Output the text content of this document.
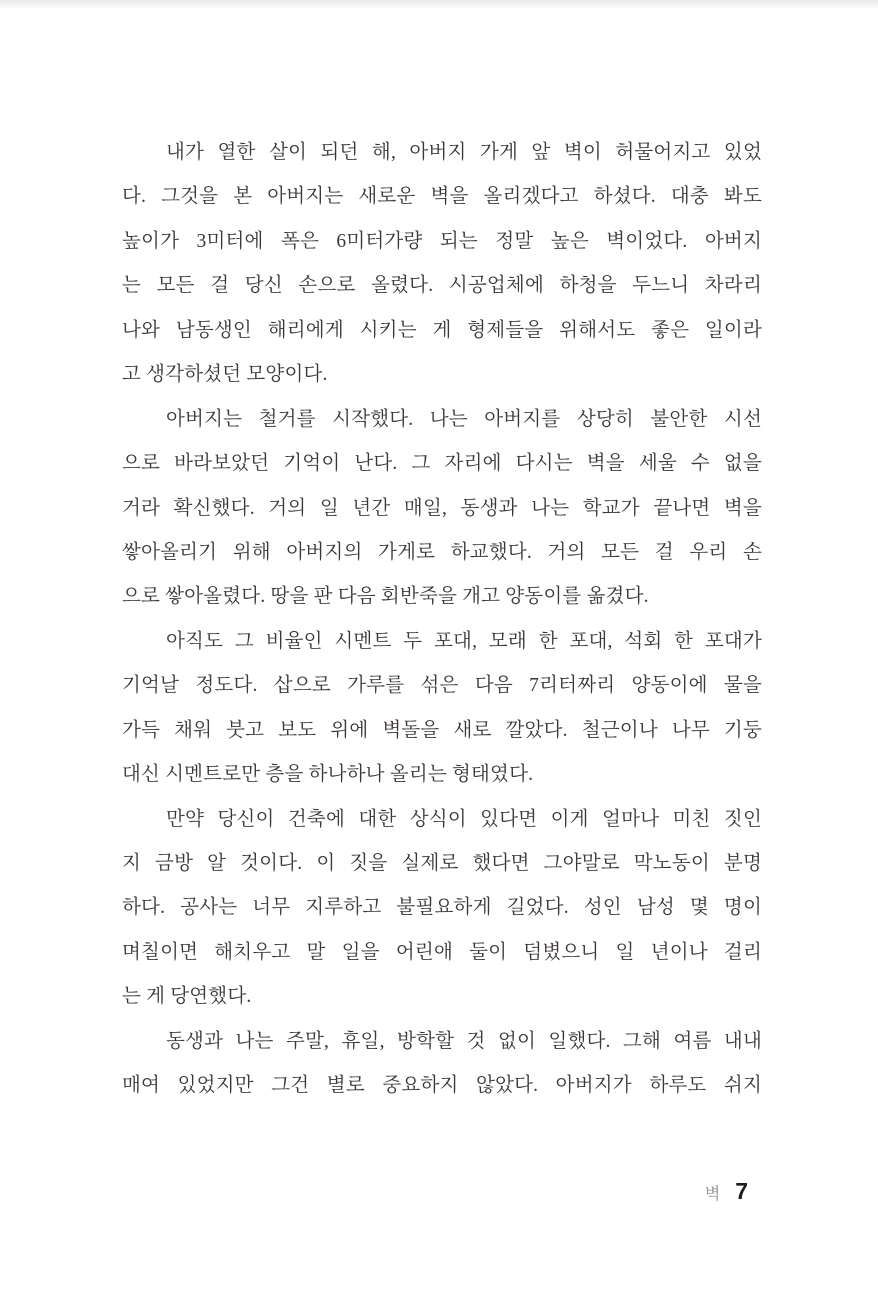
내가 열한 살이 되던 해, 아버지 가게 앞 벽이 허물어지고 있었
다. 그것을 본 아버지는 새로운 벽을 올리겠다고 하셨다. 대충 봐도
높이가 3미터에 폭은 6미터가량 되는 정말 높은 벽이었다. 아버지
는 모든 걸 당신 손으로 올렸다. 시공업체에 하청을 두느니 차라리
나와 남동생인 해리에게 시키는 게 형제들을 위해서도 좋은 일이라
고 생각하셨던 모양이다.
아버지는 철거를 시작했다. 나는 아버지를 상당히 불안한 시선
으로 바라보았던 기억이 난다. 그 자리에 다시는 벽을 세울 수 없을
거라 확신했다. 거의 일 년간 매일, 동생과 나는 학교가 끝나면 벽을
쌓아올리기 위해 아버지의 가게로 하교했다. 거의 모든 걸 우리 손
으로 쌓아올렸다. 땅을 판 다음 회반죽을 개고 양동이를 옮겼다.
아직도 그 비율인 시멘트 두 포대, 모래 한 포대, 석회 한 포대가
기억날 정도다. 삽으로 가루를 섞은 다음 7리터짜리 양동이에 물을
가득 채워 붓고 보도 위에 벽돌을 새로 깔았다. 철근이나 나무 기둥
대신 시멘트로만 층을 하나하나 올리는 형태였다.
만약 당신이 건축에 대한 상식이 있다면 이게 얼마나 미친 짓인
지 금방 알 것이다. 이 짓을 실제로 했다면 그야말로 막노동이 분명
하다. 공사는 너무 지루하고 불필요하게 길었다. 성인 남성 몇 명이
며칠이면 해치우고 말 일을 어린애 둘이 덤볐으니 일 년이나 걸리
는 게 당연했다.
동생과 나는 주말, 휴일, 방학할 것 없이 일했다. 그해 여름 내내
매여 있었지만 그건 별로 중요하지 않았다. 아버지가 하루도 쉬지
벽 7
